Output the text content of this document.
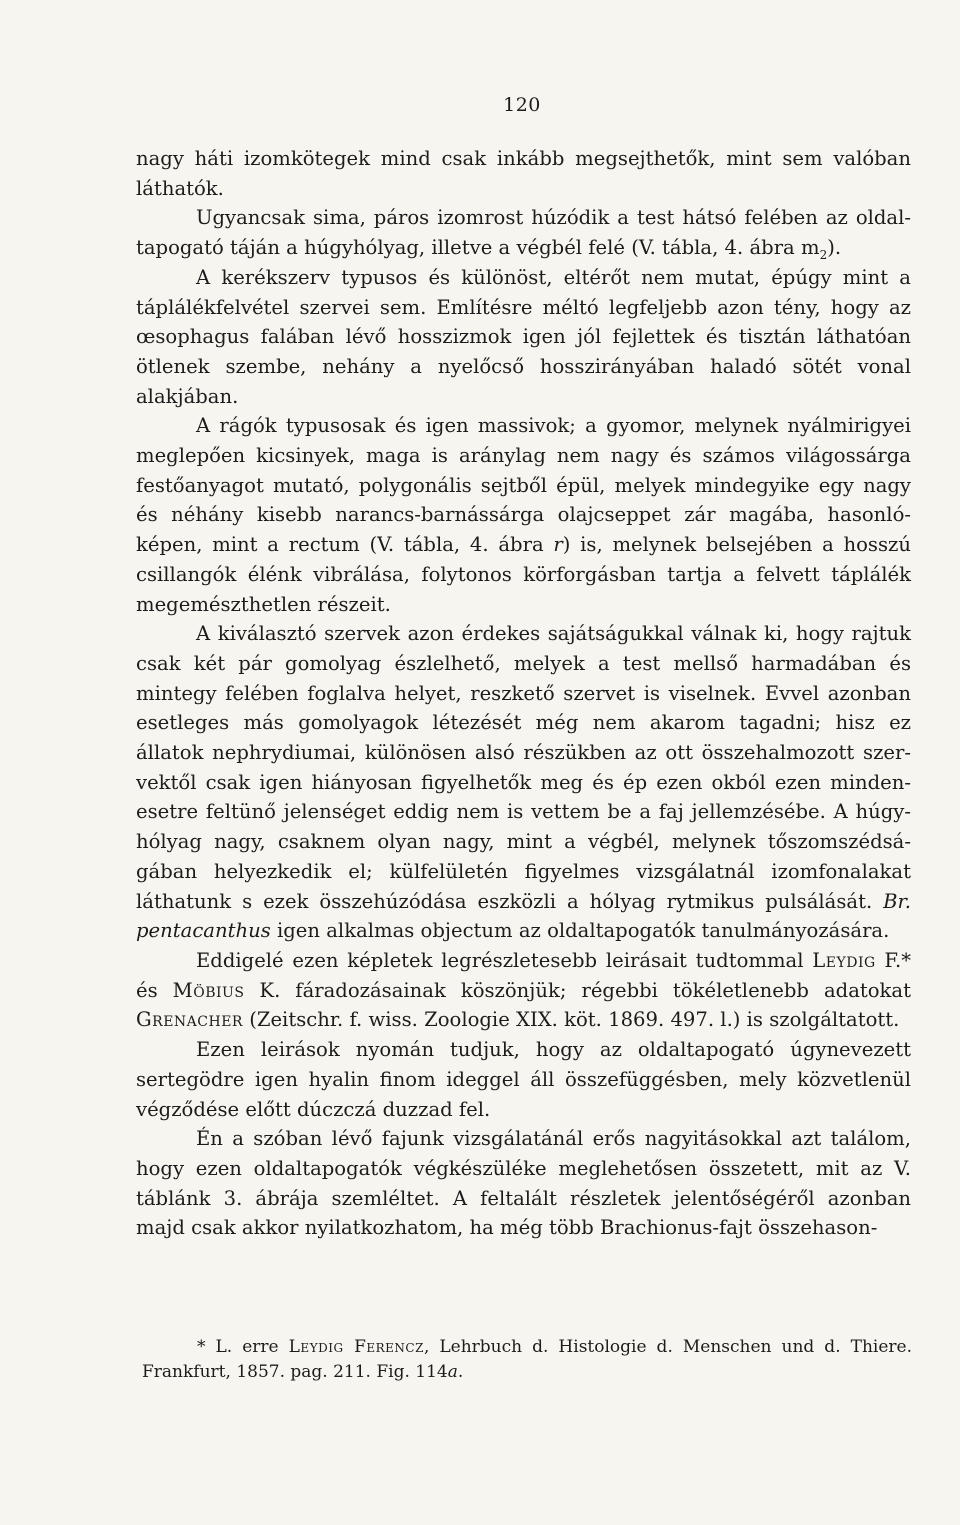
120

nagy háti izomkötegek mind csak inkább megsejthetők, mint sem valóban láthatók.

Ugyancsak sima, páros izomrost húzódik a test hátsó felében az oldaltapogató táján a húgyhólyag, illetve a végbél felé (V. tábla, 4. ábra $m_2$).

A kerékszerv typusos és különöst, eltérőt nem mutat, épúgy mint a táplálékfelvétel szervei sem. Említésre méltó legfeljebb azon tény, hogy az œsophagus falában lévő hosszizmok igen jól fejlettek és tisztán láthatóan ötlenek szembe, nehány a nyelőcső hosszirányában haladó sötét vonal alakjában.

A rágók typusosak és igen massivok; a gyomor, melynek nyálmirigyei meglepően kicsinyek, maga is aránylag nem nagy és számos világossárga festőanyagot mutató, polygonális sejtből épül, melyek mindegyike egy nagy és néhány kisebb narancs-barnássárga olajcseppet zár magába, hasonlóképen, mint a rectum (V. tábla, 4. ábra r) is, melynek belsejében a hosszú csillangók élénk vibrálása, folytonos körforgásban tartja a felvett táplálék megemészthetlen részeit.

A kiválasztó szervek azon érdekes sajátságukkal válnak ki, hogy rajtuk csak két pár gomolyag észlelhető, melyek a test mellső harmadában és mintegy felében foglalva helyet, reszkető szervet is viselnek. Evvel azonban esetleges más gomolyagok létezését még nem akarom tagadni; hisz ez állatok nephrydiumai, különösen alsó részükben az ott összehalmozott szervektől csak igen hiányosan figyelhetők meg és ép ezen okból ezen mindenesetre feltünő jelenséget eddig nem is vettem be a faj jellemzésébe. A húgyhólyag nagy, csaknem olyan nagy, mint a végbél, melynek tőszomszédságában helyezkedik el; külfelületén figyelmes vizsgálatnál izomfonalakat láthatunk s ezek összehúzódása eszközli a hólyag rytmikus pulsálását. Br. pentacanthus igen alkalmas objectum az oldaltapogatók tanulmányozására.

Eddigelé ezen képletek legrészletesebb leirásait tudtommal Leydig F.* és Möbius K. fáradozásainak köszönjük; régebbi tökéletlenebb adatokat Grenacher (Zeitschr. f. wiss. Zoologie XIX. köt. 1869. 497. l.) is szolgáltatott.

Ezen leirások nyomán tudjuk, hogy az oldaltapogató úgynevezett sertegödre igen hyalin finom ideggel áll összefüggésben, mely közvetlenül végződése előtt dúczczá duzzad fel.

Én a szóban lévő fajunk vizsgálatánál erős nagyitásokkal azt találom, hogy ezen oldaltapogatók végkészüléke meglehetősen összetett, mit az V. táblánk 3. ábrája szemléltet. A feltalált részletek jelentőségéről azonban majd csak akkor nyilatkozhatom, ha még több Brachionus-fajt összehason-

* L. erre Leydig Ferencz, Lehrbuch d. Histologie d. Menschen und d. Thiere. Frankfurt, 1857. pag. 211. Fig. 114a.
